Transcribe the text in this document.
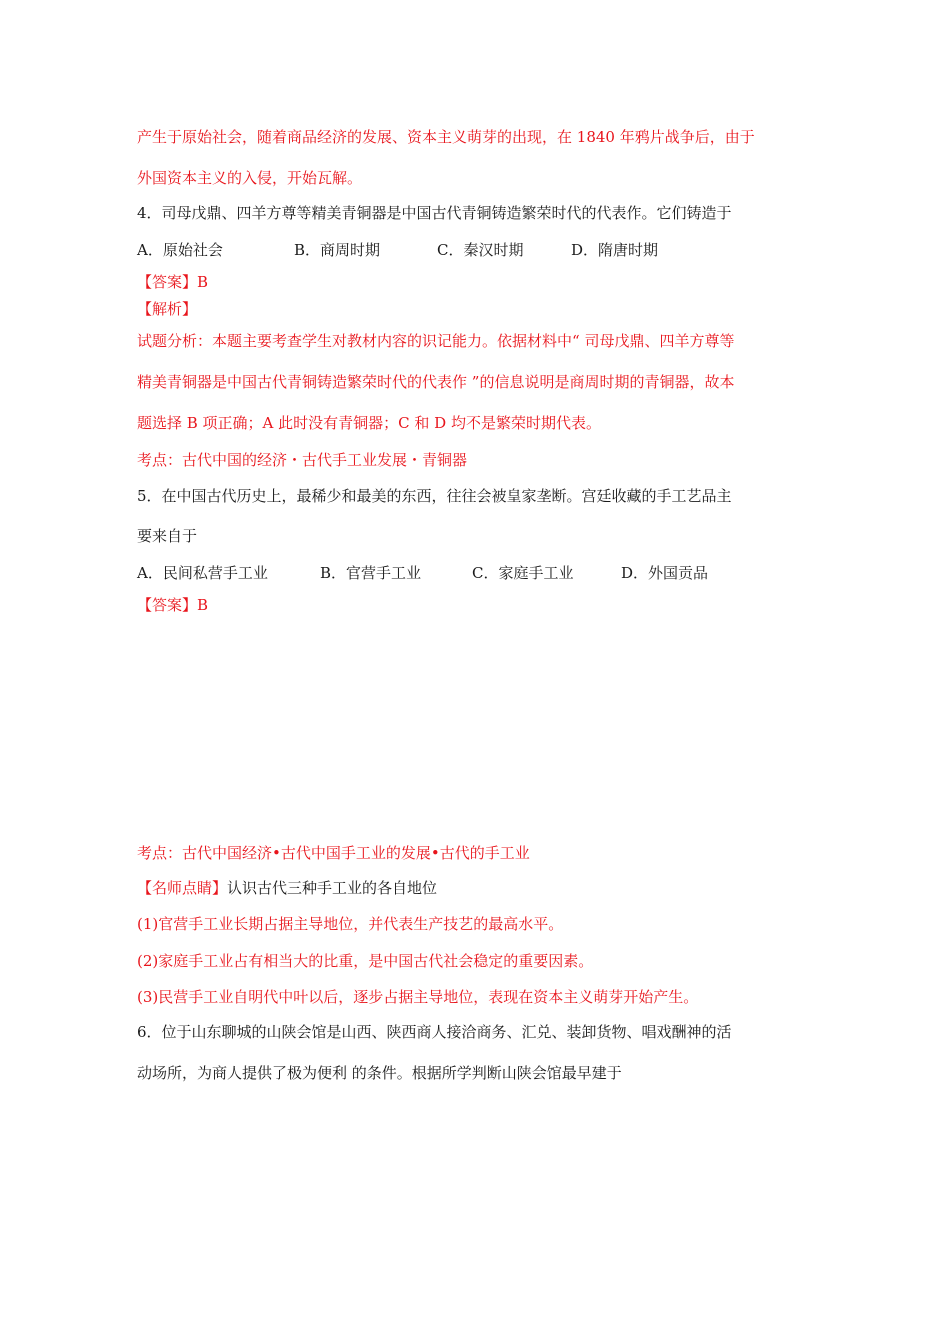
产生于原始社会，随着商品经济的发展、资本主义萌芽的出现，在 1840 年鸦片战争后，由于
外国资本主义的入侵，开始瓦解。
4．司母戊鼎、四羊方尊等精美青铜器是中国古代青铜铸造繁荣时代的代表作。它们铸造于
A．原始社会	B．商周时期	C．秦汉时期	D．隋唐时期
【答案】B
【解析】
试题分析：本题主要考查学生对教材内容的识记能力。依据材料中“ 司母戊鼎、四羊方尊等
精美青铜器是中国古代青铜铸造繁荣时代的代表作 ”的信息说明是商周时期的青铜器，故本
题选择 B 项正确；A 此时没有青铜器；C 和 D 均不是繁荣时期代表。
考点：古代中国的经济・古代手工业发展・青铜器
5．在中国古代历史上，最稀少和最美的东西，往往会被皇家垄断。宫廷收藏的手工艺品主
要来自于
A．民间私营手工业	B．官营手工业	C．家庭手工业	D．外国贡品
【答案】B
考点：古代中国经济•古代中国手工业的发展•古代的手工业
【名师点睛】认识古代三种手工业的各自地位
(1)官营手工业长期占据主导地位，并代表生产技艺的最高水平。
(2)家庭手工业占有相当大的比重，是中国古代社会稳定的重要因素。
(3)民营手工业自明代中叶以后，逐步占据主导地位，表现在资本主义萌芽开始产生。
6．位于山东聊城的山陕会馆是山西、陕西商人接洽商务、汇兑、装卸货物、唱戏酬神的活
动场所，为商人提供了极为便利 的条件。根据所学判断山陕会馆最早建于
